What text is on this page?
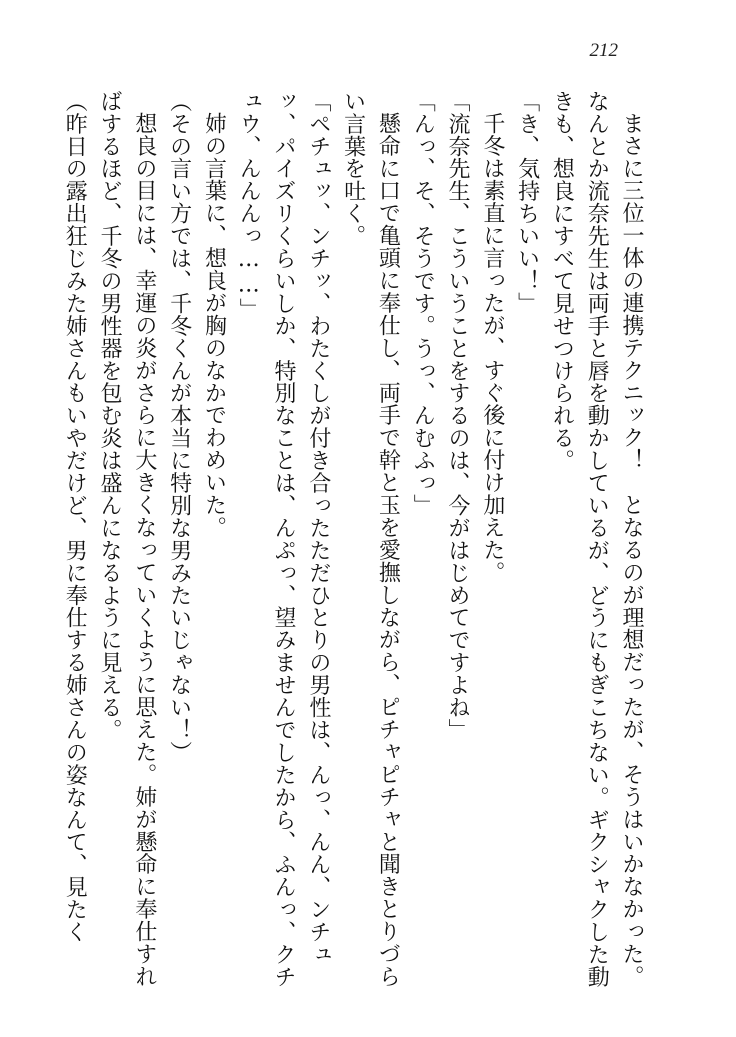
212

まさに三位一体の連携テクニック！　となるのが理想だったが、そうはいかなかった。なんとか流奈先生は両手と唇を動かしているが、どうにもぎこちない。ギクシャクした動きも、想良にすべて見せつけられる。

「き、気持ちいい！」

千冬は素直に言ったが、すぐ後に付け加えた。

「流奈先生、こういうことをするのは、今がはじめてですよね」

「んっ、そ、そうです。うっ、んむふっ」

懸命に口で亀頭に奉仕し、両手で幹と玉を愛撫しながら、ピチャピチャと聞きとりづらい言葉を吐く。

「ペチュッ、ンチッ、わたくしが付き合ったただひとりの男性は、んっ、んん、ンチュッ、パイズリくらいしか、特別なことは、んぷっ、望みませんでしたから、ふんっ、クチュウ、んんんっ……」

姉の言葉に、想良が胸のなかでわめいた。

（その言い方では、千冬くんが本当に特別な男みたいじゃない！）

想良の目には、幸運の炎がさらに大きくなっていくように思えた。姉が懸命に奉仕すればするほど、千冬の男性器を包む炎は盛んになるように見える。

（昨日の露出狂じみた姉さんもいやだけど、男に奉仕する姉さんの姿なんて、見たく
